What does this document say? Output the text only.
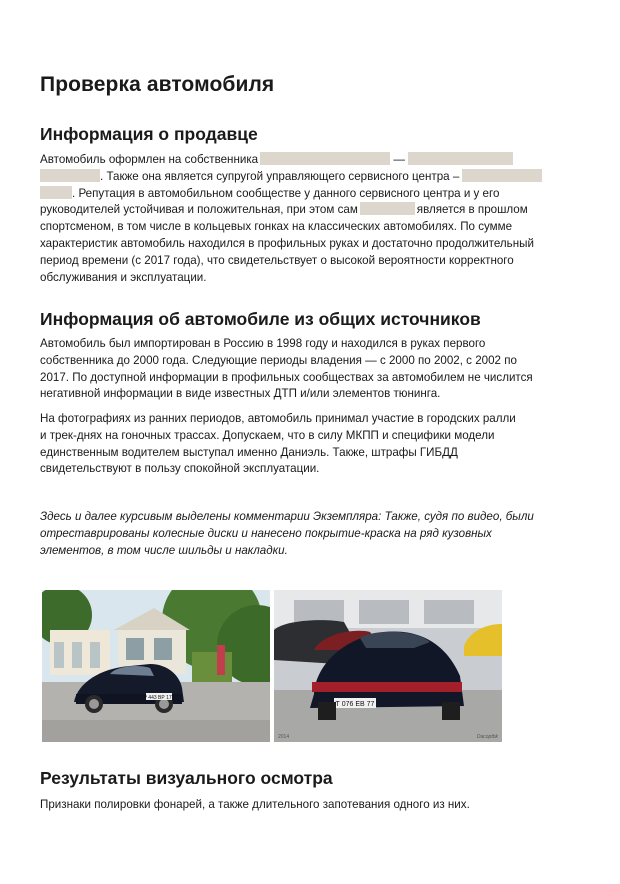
Проверка автомобиля
Информация о продавце
Автомобиль оформлен на собственника	—
. Также она является супругой управляющего сервисного центра –
. Репутация в автомобильном сообществе у данного сервисного центра и у его
руководителей устойчивая и положительная, при этом сам	является в прошлом
спортсменом, в том числе в кольцевых гонках на классических автомобилях. По сумме
характеристик автомобиль находился в профильных руках и достаточно продолжительный
период времени (с 2017 года), что свидетельствует о высокой вероятности корректного
обслуживания и эксплуатации.
Информация об автомобиле из общих источников
Автомобиль был импортирован в Россию в 1998 году и находился в руках первого
собственника до 2000 года. Следующие периоды владения — с 2000 по 2002, с 2002 по
2017. По доступной информации в профильных сообществах за автомобилем не числится
негативной информации в виде известных ДТП и/или элементов тюнинга.
На фотографиях из ранних периодов, автомобиль принимал участие в городских ралли
и трек-днях на гоночных трассах. Допускаем, что в силу МКПП и специфики модели
единственным водителем выступал именно Даниэль. Также, штрафы ГИБДД
свидетельствуют в пользу спокойной эксплуатации.
Здесь и далее курсивым выделены комментарии Экземпляра: Также, судя по видео, были
отреставрированы колесные диски и нанесено покрытие-краска на ряд кузовных
элементов, в том числе шильды и накладки.
Р 443 ВР 177
Т 076 ЕВ 77
2014	Dacoptbk
Результаты визуального осмотра
Признаки полировки фонарей, а также длительного запотевания одного из них.
